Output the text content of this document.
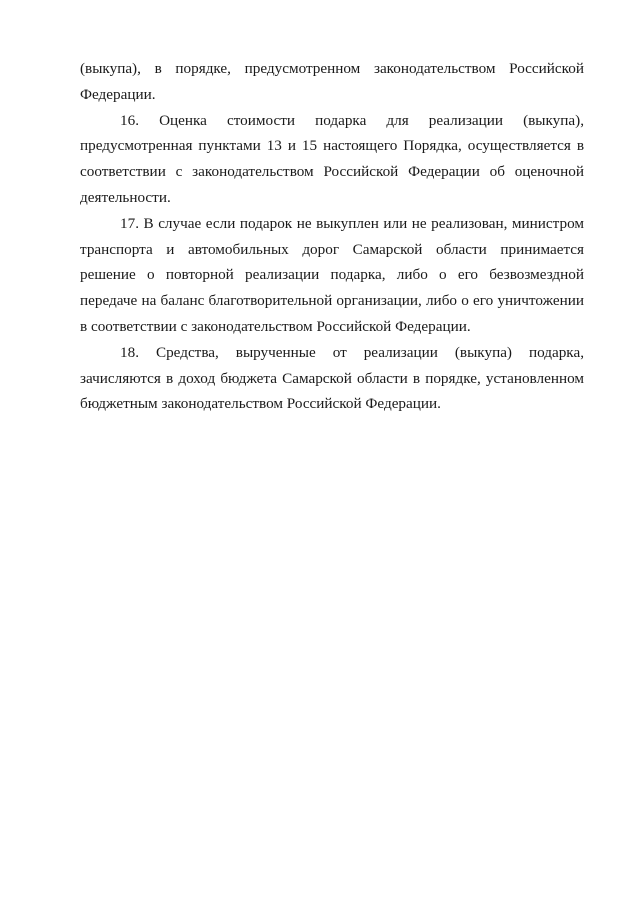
(выкупа), в порядке, предусмотренном законодательством Российской Федерации.

16. Оценка стоимости подарка для реализации (выкупа), предусмотренная пунктами 13 и 15 настоящего Порядка, осуществляется в соответствии с законодательством Российской Федерации об оценочной деятельности.

17. В случае если подарок не выкуплен или не реализован, министром транспорта и автомобильных дорог Самарской области принимается решение о повторной реализации подарка, либо о его безвозмездной передаче на баланс благотворительной организации, либо о его уничтожении в соответствии с законодательством Российской Федерации.

18. Средства, вырученные от реализации (выкупа) подарка, зачисляются в доход бюджета Самарской области в порядке, установленном бюджетным законодательством Российской Федерации.
